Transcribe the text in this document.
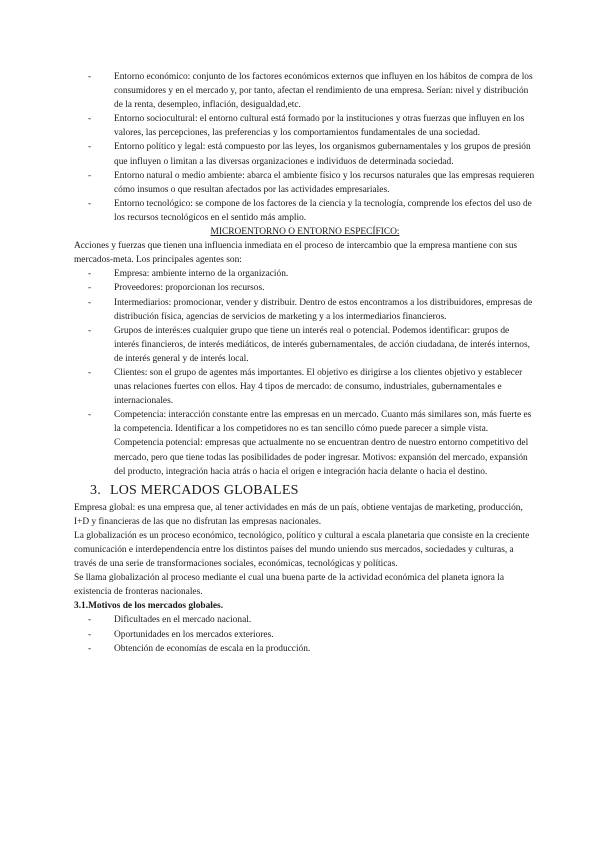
- Entorno económico: conjunto de los factores económicos externos que influyen en los hábitos de compra de los consumidores y en el mercado y, por tanto, afectan el rendimiento de una empresa. Serían: nivel y distribución de la renta, desempleo, inflación, desigualdad,etc.
- Entorno sociocultural: el entorno cultural está formado por la instituciones y otras fuerzas que influyen en los valores, las percepciones, las preferencias y los comportamientos fundamentales de una sociedad.
- Entorno político y legal: está compuesto por las leyes, los organismos gubernamentales y los grupos de presión que influyen o limitan a las diversas organizaciones e individuos de determinada sociedad.
- Entorno natural o medio ambiente: abarca el ambiente físico y los recursos naturales que las empresas requieren cómo insumos o que resultan afectados por las actividades empresariales.
- Entorno tecnológico: se compone de los factores de la ciencia y la tecnología, comprende los efectos del uso de los recursos tecnológicos en el sentido más amplio.

MICROENTORNO O ENTORNO ESPECÍFICO:

Acciones y fuerzas que tienen una influencia inmediata en el proceso de intercambio que la empresa mantiene con sus mercados-meta. Los principales agentes son:

- Empresa: ambiente interno de la organización.
- Proveedores: proporcionan los recursos.
- Intermediarios: promocionar, vender y distribuir. Dentro de estos encontramos a los distribuidores, empresas de distribución física, agencias de servicios de marketing y a los intermediarios financieros.
- Grupos de interés:es cualquier grupo que tiene un interés real o potencial. Podemos identificar: grupos de interés financieros, de interés mediáticos, de interés gubernamentales, de acción ciudadana, de interés internos, de interés general y de interés local.
- Clientes: son el grupo de agentes más importantes. El objetivo es dirigirse a los clientes objetivo y establecer unas relaciones fuertes con ellos. Hay 4 tipos de mercado: de consumo, industriales, gubernamentales e internacionales.
- Competencia: interacción constante entre las empresas en un mercado. Cuanto más similares son, más fuerte es la competencia. Identificar a los competidores no es tan sencillo cómo puede parecer a simple vista.

Competencia potencial: empresas que actualmente no se encuentran dentro de nuestro entorno competitivo del mercado, pero que tiene todas las posibilidades de poder ingresar. Motivos: expansión del mercado, expansión del producto, integración hacia atrás o hacia el origen e integración hacia delante o hacia el destino.

3. LOS MERCADOS GLOBALES

Empresa global: es una empresa que, al tener actividades en más de un país, obtiene ventajas de marketing, producción, I+D y financieras de las que no disfrutan las empresas nacionales.

La globalización es un proceso económico, tecnológico, político y cultural a escala planetaria que consiste en la creciente comunicación e interdependencia entre los distintos países del mundo uniendo sus mercados, sociedades y culturas, a través de una serie de transformaciones sociales, económicas, tecnológicas y políticas.

Se llama globalización al proceso mediante el cual una buena parte de la actividad económica del planeta ignora la existencia de fronteras nacionales.

3.1.Motivos de los mercados globales.

- Dificultades en el mercado nacional.
- Oportunidades en los mercados exteriores.
- Obtención de economías de escala en la producción.
